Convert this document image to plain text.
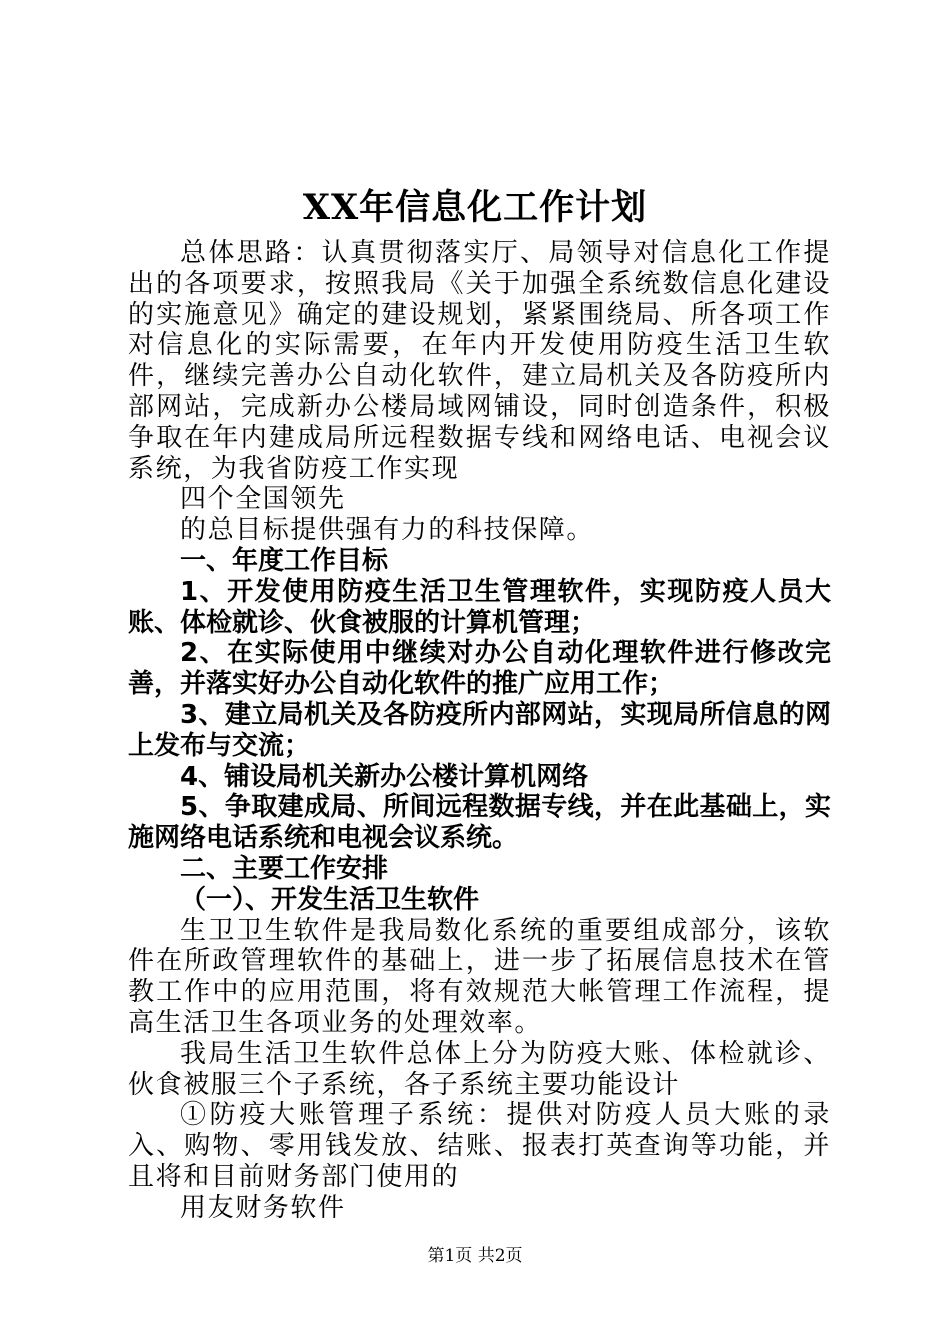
XX年信息化工作计划

总体思路：认真贯彻落实厅、局领导对信息化工作提出的各项要求，按照我局《关于加强全系统数信息化建设的实施意见》确定的建设规划，紧紧围绕局、所各项工作对信息化的实际需要，在年内开发使用防疫生活卫生软件，继续完善办公自动化软件，建立局机关及各防疫所内部网站，完成新办公楼局域网铺设，同时创造条件，积极争取在年内建成局所远程数据专线和网络电话、电视会议系统，为我省防疫工作实现

四个全国领先

的总目标提供强有力的科技保障。

一、年度工作目标

1、开发使用防疫生活卫生管理软件，实现防疫人员大账、体检就诊、伙食被服的计算机管理；

2、在实际使用中继续对办公自动化理软件进行修改完善，并落实好办公自动化软件的推广应用工作；

3、建立局机关及各防疫所内部网站，实现局所信息的网上发布与交流；

4、铺设局机关新办公楼计算机网络

5、争取建成局、所间远程数据专线，并在此基础上，实施网络电话系统和电视会议系统。

二、主要工作安排

（一）、开发生活卫生软件

生卫卫生软件是我局数化系统的重要组成部分，该软件在所政管理软件的基础上，进一步了拓展信息技术在管教工作中的应用范围，将有效规范大帐管理工作流程，提高生活卫生各项业务的处理效率。

我局生活卫生软件总体上分为防疫大账、体检就诊、伙食被服三个子系统，各子系统主要功能设计

①防疫大账管理子系统：提供对防疫人员大账的录入、购物、零用钱发放、结账、报表打英查询等功能，并且将和目前财务部门使用的

用友财务软件

第1页 共2页
